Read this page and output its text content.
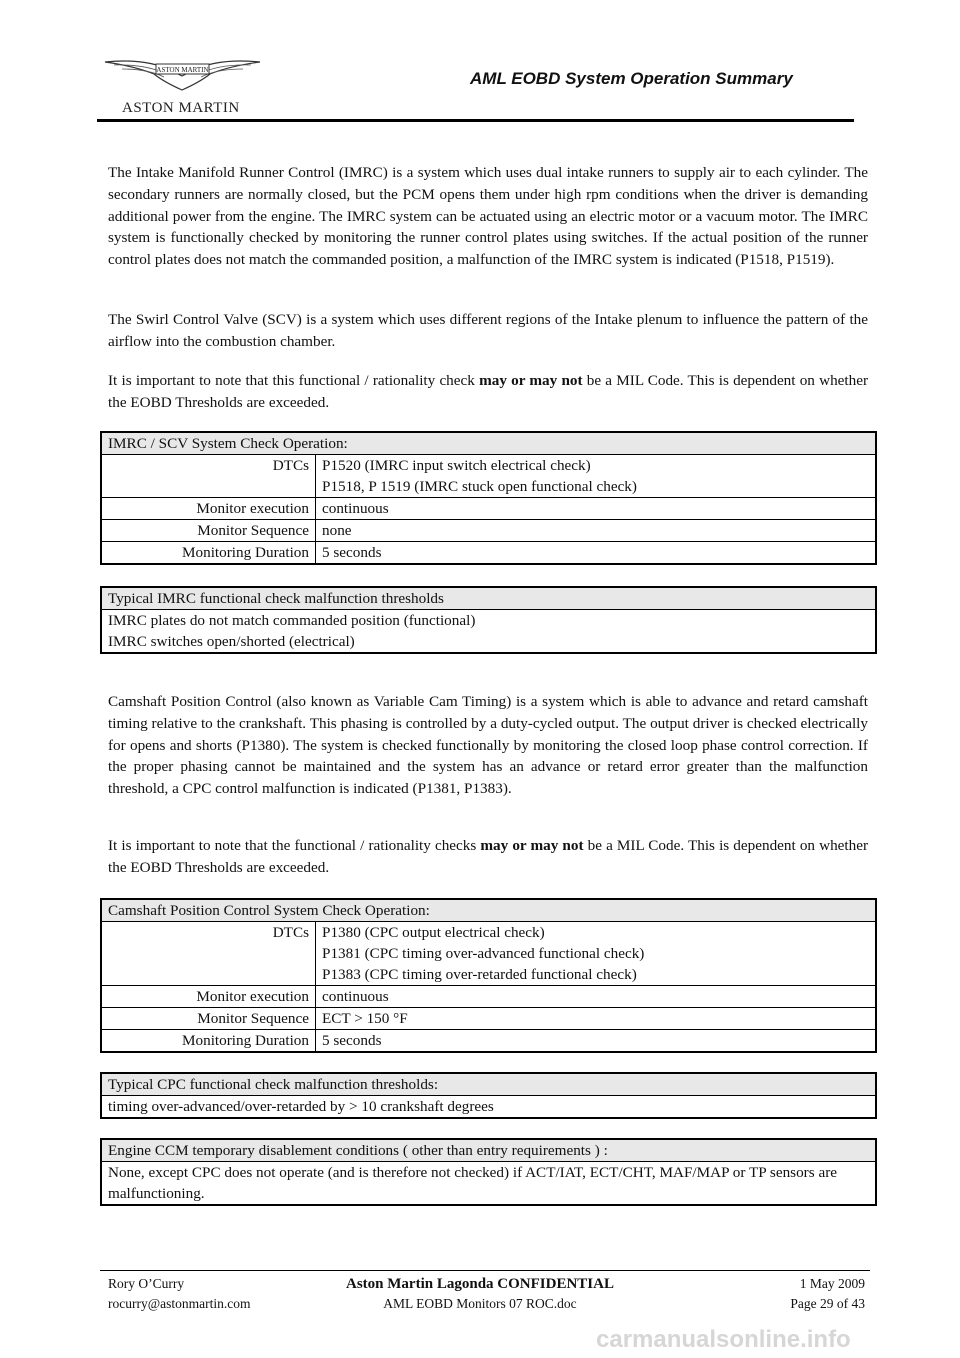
ASTON MARTIN
ASTON MARTIN
AML EOBD System Operation Summary
The Intake Manifold Runner Control (IMRC) is a system which uses dual intake runners to supply air to each cylinder. The secondary runners are normally closed, but the PCM opens them under high rpm conditions when the driver is demanding additional power from the engine. The IMRC system can be actuated using an electric motor or a vacuum motor. The IMRC system is functionally checked by monitoring the runner control plates using switches. If the actual position of the runner control plates does not match the commanded position, a malfunction of the IMRC system is indicated (P1518, P1519).
The Swirl Control Valve (SCV) is a system which uses different regions of the Intake plenum to influence the pattern of the airflow into the combustion chamber.
It is important to note that this functional / rationality check may or may not be a MIL Code. This is dependent on whether the EOBD Thresholds are exceeded.
IMRC / SCV System Check Operation:	
DTCs	P1520 (IMRC input switch electrical check)
P1518, P 1519 (IMRC stuck open functional check)

Monitor execution	continuous
Monitor Sequence	none
Monitoring Duration	5 seconds
Typical IMRC functional check malfunction thresholds

IMRC plates do not match commanded position (functional)
IMRC switches open/shorted (electrical)
Camshaft Position Control (also known as Variable Cam Timing) is a system which is able to advance and retard camshaft timing relative to the crankshaft. This phasing is controlled by a duty-cycled output. The output driver is checked electrically for opens and shorts (P1380). The system is checked functionally by monitoring the closed loop phase control correction. If the proper phasing cannot be maintained and the system has an advance or retard error greater than the malfunction threshold, a CPC control malfunction is indicated (P1381, P1383).
It is important to note that the functional / rationality checks may or may not be a MIL Code. This is dependent on whether the EOBD Thresholds are exceeded.
Camshaft Position Control System Check Operation:	
DTCs	P1380 (CPC output electrical check)
P1381 (CPC timing over-advanced functional check)
P1383 (CPC timing over-retarded functional check)

Monitor execution	continuous
Monitor Sequence	ECT > 150 °F
Monitoring Duration	5 seconds
Typical CPC functional check malfunction thresholds:
timing over-advanced/over-retarded by > 10 crankshaft degrees
Engine CCM temporary disablement conditions ( other than entry requirements ) :
None, except CPC does not operate (and is therefore not checked) if ACT/IAT, ECT/CHT, MAF/MAP or TP sensors are malfunctioning.
Rory O’Curry
rocurry@astonmartin.com
Aston Martin Lagonda CONFIDENTIAL
AML EOBD Monitors 07 ROC.doc
1 May 2009
Page 29 of 43
carmanualsonline.info
